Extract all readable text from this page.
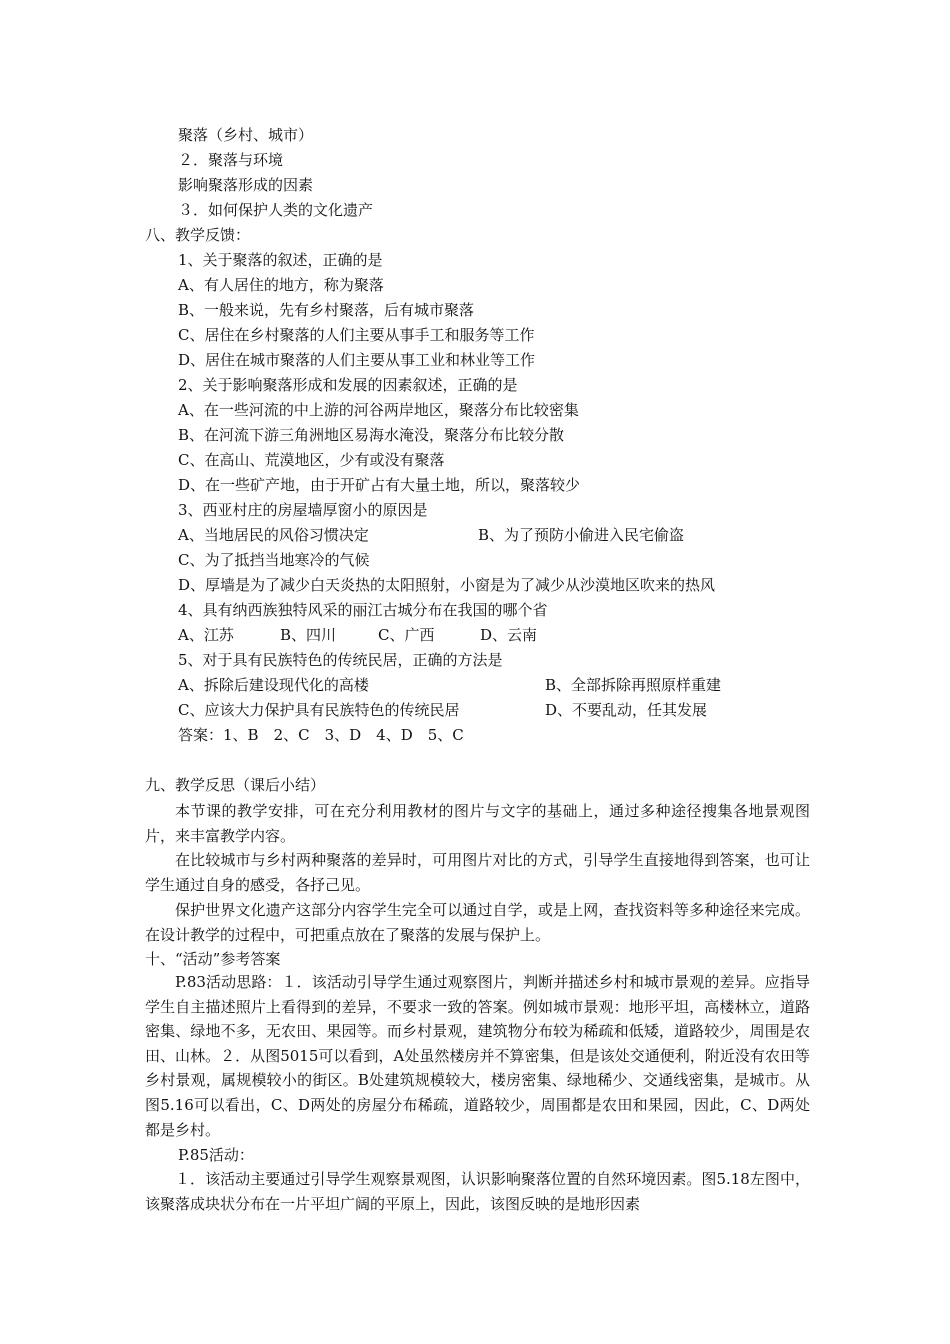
聚落（乡村、城市）
２．聚落与环境
影响聚落形成的因素
３．如何保护人类的文化遗产
八、教学反馈：
1、关于聚落的叙述，正确的是
A、有人居住的地方，称为聚落
B、一般来说，先有乡村聚落，后有城市聚落
C、居住在乡村聚落的人们主要从事手工和服务等工作
D、居住在城市聚落的人们主要从事工业和林业等工作
2、关于影响聚落形成和发展的因素叙述，正确的是
A、在一些河流的中上游的河谷两岸地区，聚落分布比较密集
B、在河流下游三角洲地区易海水淹没，聚落分布比较分散
C、在高山、荒漠地区，少有或没有聚落
D、在一些矿产地，由于开矿占有大量土地，所以，聚落较少
3、西亚村庄的房屋墙厚窗小的原因是
A、当地居民的风俗习惯决定	B、为了预防小偷进入民宅偷盗
C、为了抵挡当地寒冷的气候
D、厚墙是为了减少白天炎热的太阳照射，小窗是为了减少从沙漠地区吹来的热风
4、具有纳西族独特风采的丽江古城分布在我国的哪个省
A、江苏	B、四川	C、广西	D、云南
5、对于具有民族特色的传统民居，正确的方法是
A、拆除后建设现代化的高楼	B、全部拆除再照原样重建
C、应该大力保护具有民族特色的传统民居	D、不要乱动，任其发展
答案：1、B　2、C　3、D　4、D　5、C
九、教学反思（课后小结）
本节课的教学安排，可在充分利用教材的图片与文字的基础上，通过多种途径搜集各地景观图片，来丰富教学内容。
在比较城市与乡村两种聚落的差异时，可用图片对比的方式，引导学生直接地得到答案，也可让学生通过自身的感受，各抒己见。
保护世界文化遗产这部分内容学生完全可以通过自学，或是上网，查找资料等多种途径来完成。在设计教学的过程中，可把重点放在了聚落的发展与保护上。
十、“活动”参考答案
P.83活动思路：１．该活动引导学生通过观察图片，判断并描述乡村和城市景观的差异。应指导学生自主描述照片上看得到的差异，不要求一致的答案。例如城市景观：地形平坦，高楼林立，道路密集、绿地不多，无农田、果园等。而乡村景观，建筑物分布较为稀疏和低矮，道路较少，周围是农田、山林。２．从图5015可以看到，A处虽然楼房并不算密集，但是该处交通便利，附近没有农田等乡村景观，属规模较小的街区。B处建筑规模较大，楼房密集、绿地稀少、交通线密集，是城市。从图5.16可以看出，C、D两处的房屋分布稀疏，道路较少，周围都是农田和果园，因此，C、D两处都是乡村。
P.85活动：
１．该活动主要通过引导学生观察景观图，认识影响聚落位置的自然环境因素。图5.18左图中，该聚落成块状分布在一片平坦广阔的平原上，因此，该图反映的是地形因素
